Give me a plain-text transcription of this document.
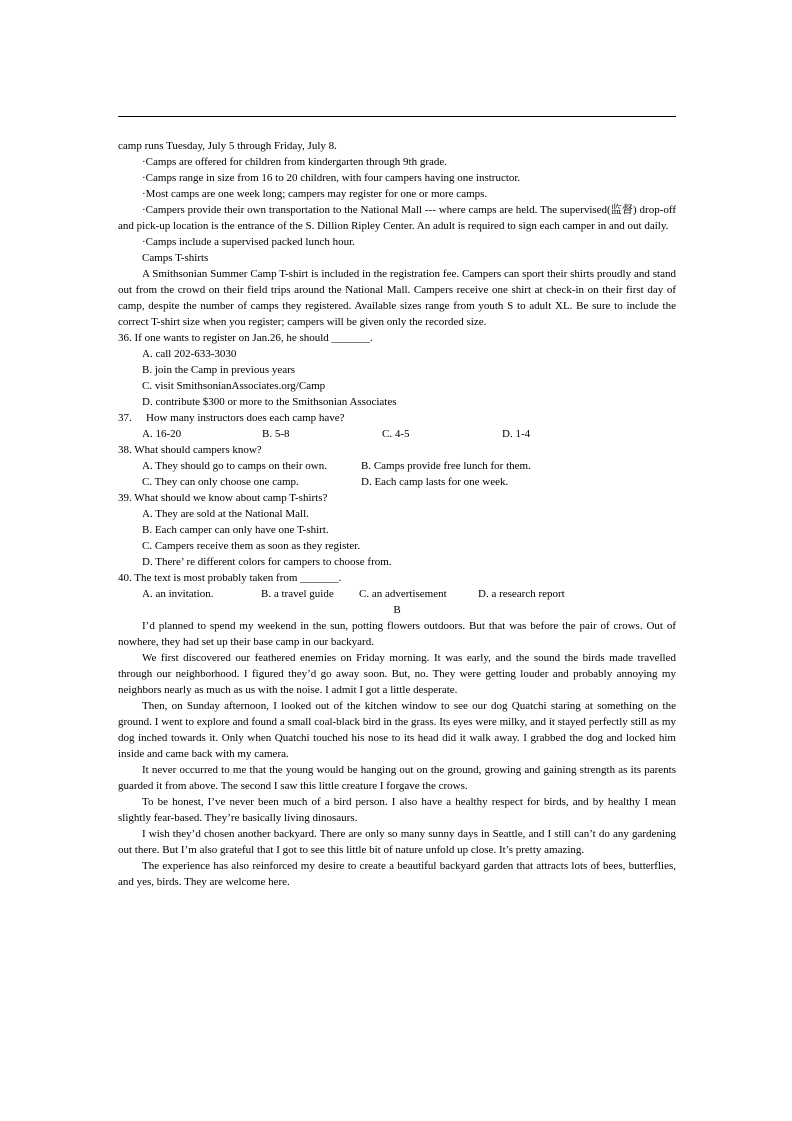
camp runs Tuesday, July 5 through Friday, July 8.

·Camps are offered for children from kindergarten through 9th grade.

·Camps range in size from 16 to 20 children, with four campers having one instructor.

·Most camps are one week long; campers may register for one or more camps.

·Campers provide their own transportation to the National Mall --- where camps are held. The supervised(监督) drop-off and pick-up location is the entrance of the S. Dillion Ripley Center. An adult is required to sign each camper in and out daily.

·Camps include a supervised packed lunch hour.

Camps T-shirts

A Smithsonian Summer Camp T-shirt is included in the registration fee. Campers can sport their shirts proudly and stand out from the crowd on their field trips around the National Mall. Campers receive one shirt at check-in on their first day of camp, despite the number of camps they registered. Available sizes range from youth S to adult XL. Be sure to include the correct T-shirt size when you register; campers will be given only the recorded size.

36. If one wants to register on Jan.26, he should _______.

A. call 202-633-3030

B. join the Camp in previous years

C. visit SmithsonianAssociates.org/Camp

D. contribute $300 or more to the Smithsonian Associates

37. How many instructors does each camp have?

A. 16-20	B. 5-8	C. 4-5	D. 1-4

38. What should campers know?

A. They should go to camps on their own.	B. Camps provide free lunch for them.
C. They can only choose one camp.	D. Each camp lasts for one week.

39. What should we know about camp T-shirts?

A. They are sold at the National Mall.

B. Each camper can only have one T-shirt.

C. Campers receive them as soon as they register.

D. There’ re different colors for campers to choose from.

40. The text is most probably taken from _______.

A. an invitation.	B. a travel guide	C. an advertisement	D. a research report

B

I’d planned to spend my weekend in the sun, potting flowers outdoors. But that was before the pair of crows. Out of nowhere, they had set up their base camp in our backyard.

We first discovered our feathered enemies on Friday morning. It was early, and the sound the birds made travelled through our neighborhood. I figured they’d go away soon. But, no. They were getting louder and probably annoying my neighbors nearly as much as us with the noise. I admit I got a little desperate.

Then, on Sunday afternoon, I looked out of the kitchen window to see our dog Quatchi staring at something on the ground. I went to explore and found a small coal-black bird in the grass. Its eyes were milky, and it stayed perfectly still as my dog inched towards it. Only when Quatchi touched his nose to its head did it walk away. I grabbed the dog and locked him inside and came back with my camera.

It never occurred to me that the young would be hanging out on the ground, growing and gaining strength as its parents guarded it from above. The second I saw this little creature I forgave the crows.

To be honest, I’ve never been much of a bird person. I also have a healthy respect for birds, and by healthy I mean slightly fear-based. They’re basically living dinosaurs.

I wish they’d chosen another backyard. There are only so many sunny days in Seattle, and I still can’t do any gardening out there. But I’m also grateful that I got to see this little bit of nature unfold up close. It’s pretty amazing.

The experience has also reinforced my desire to create a beautiful backyard garden that attracts lots of bees, butterflies, and yes, birds. They are welcome here.
